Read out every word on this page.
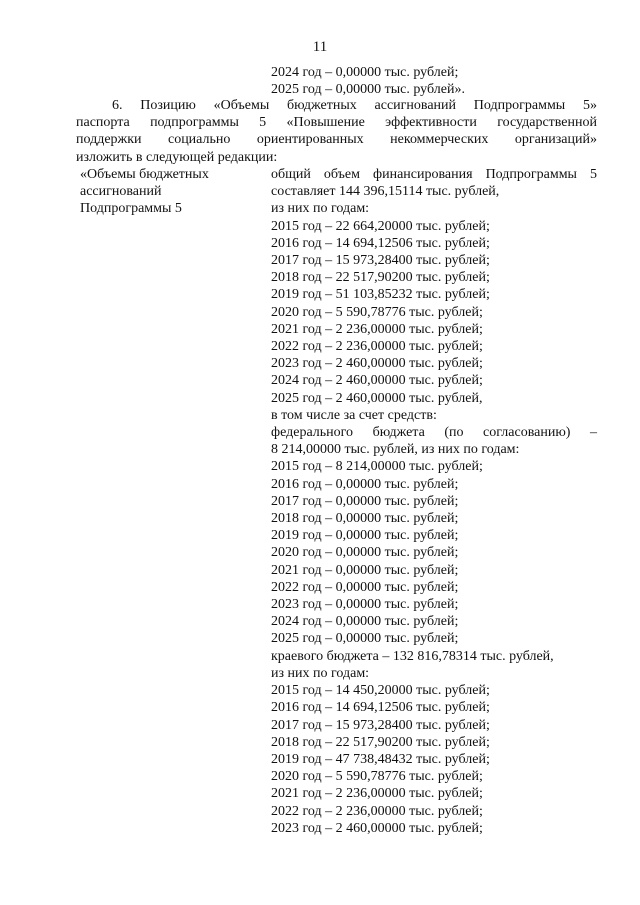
11
2024 год – 0,00000 тыс. рублей;
2025 год – 0,00000 тыс. рублей».
6. Позицию «Объемы бюджетных ассигнований Подпрограммы 5»
паспорта подпрограммы 5 «Повышение эффективности государственной
поддержки социально ориентированных некоммерческих организаций»
изложить в следующей редакции:
«Объемы бюджетных
ассигнований
Подпрограммы 5
общий объем финансирования Подпрограммы 5
составляет 144 396,15114 тыс. рублей,
из них по годам:
2015 год – 22 664,20000 тыс. рублей;
2016 год – 14 694,12506 тыс. рублей;
2017 год – 15 973,28400 тыс. рублей;
2018 год – 22 517,90200 тыс. рублей;
2019 год – 51 103,85232 тыс. рублей;
2020 год – 5 590,78776 тыс. рублей;
2021 год – 2 236,00000 тыс. рублей;
2022 год – 2 236,00000 тыс. рублей;
2023 год – 2 460,00000 тыс. рублей;
2024 год – 2 460,00000 тыс. рублей;
2025 год – 2 460,00000 тыс. рублей,
в том числе за счет средств:
федерального бюджета (по согласованию) –
8 214,00000 тыс. рублей, из них по годам:
2015 год – 8 214,00000 тыс. рублей;
2016 год – 0,00000 тыс. рублей;
2017 год – 0,00000 тыс. рублей;
2018 год – 0,00000 тыс. рублей;
2019 год – 0,00000 тыс. рублей;
2020 год – 0,00000 тыс. рублей;
2021 год – 0,00000 тыс. рублей;
2022 год – 0,00000 тыс. рублей;
2023 год – 0,00000 тыс. рублей;
2024 год – 0,00000 тыс. рублей;
2025 год – 0,00000 тыс. рублей;
краевого бюджета – 132 816,78314 тыс. рублей,
из них по годам:
2015 год – 14 450,20000 тыс. рублей;
2016 год – 14 694,12506 тыс. рублей;
2017 год – 15 973,28400 тыс. рублей;
2018 год – 22 517,90200 тыс. рублей;
2019 год – 47 738,48432 тыс. рублей;
2020 год – 5 590,78776 тыс. рублей;
2021 год – 2 236,00000 тыс. рублей;
2022 год – 2 236,00000 тыс. рублей;
2023 год – 2 460,00000 тыс. рублей;
